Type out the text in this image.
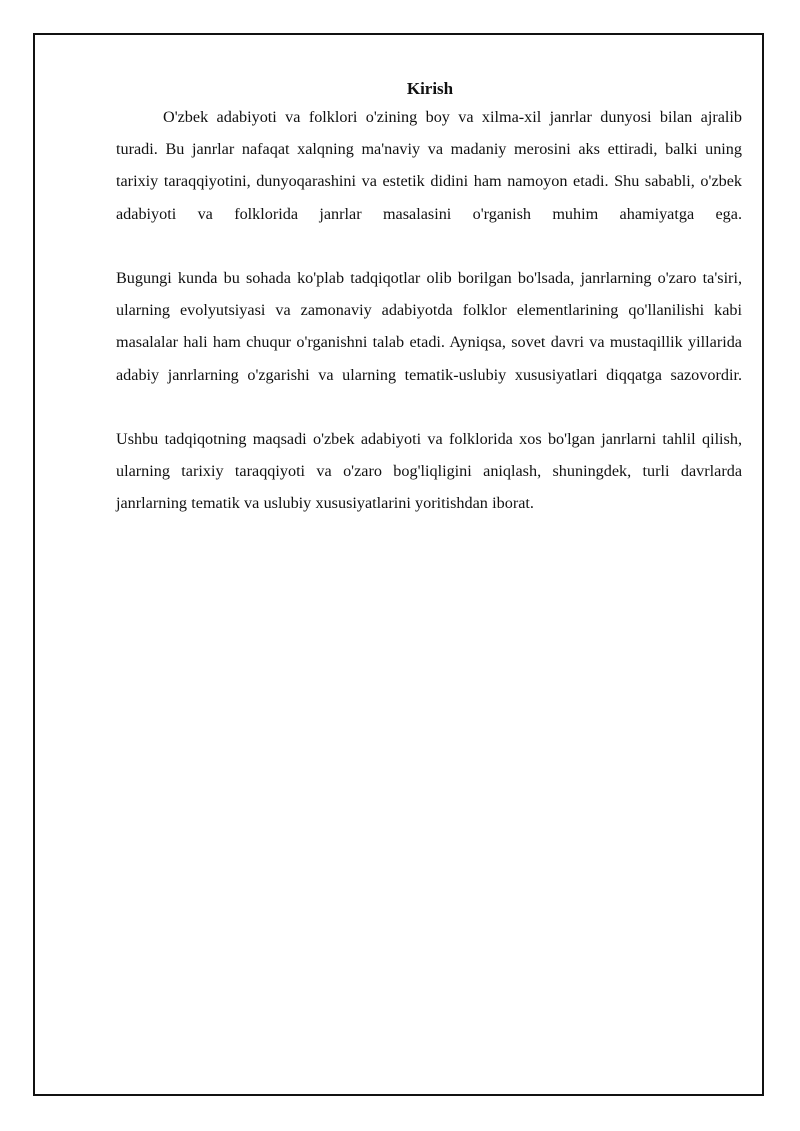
Kirish

O'zbek adabiyoti va folklori o'zining boy va xilma-xil janrlar dunyosi bilan ajralib turadi. Bu janrlar nafaqat xalqning ma'naviy va madaniy merosini aks ettiradi, balki uning tarixiy taraqqiyotini, dunyoqarashini va estetik didini ham namoyon etadi. Shu sababli, o'zbek adabiyoti va folklorida janrlar masalasini o'rganish muhim ahamiyatga ega.

Bugungi kunda bu sohada ko'plab tadqiqotlar olib borilgan bo'lsada, janrlarning o'zaro ta'siri, ularning evolyutsiyasi va zamonaviy adabiyotda folklor elementlarining qo'llanilishi kabi masalalar hali ham chuqur o'rganishni talab etadi. Ayniqsa, sovet davri va mustaqillik yillarida adabiy janrlarning o'zgarishi va ularning tematik-uslubiy xususiyatlari diqqatga sazovordir.

Ushbu tadqiqotning maqsadi o'zbek adabiyoti va folklorida xos bo'lgan janrlarni tahlil qilish, ularning tarixiy taraqqiyoti va o'zaro bog'liqligini aniqlash, shuningdek, turli davrlarda janrlarning tematik va uslubiy xususiyatlarini yoritishdan iborat.
